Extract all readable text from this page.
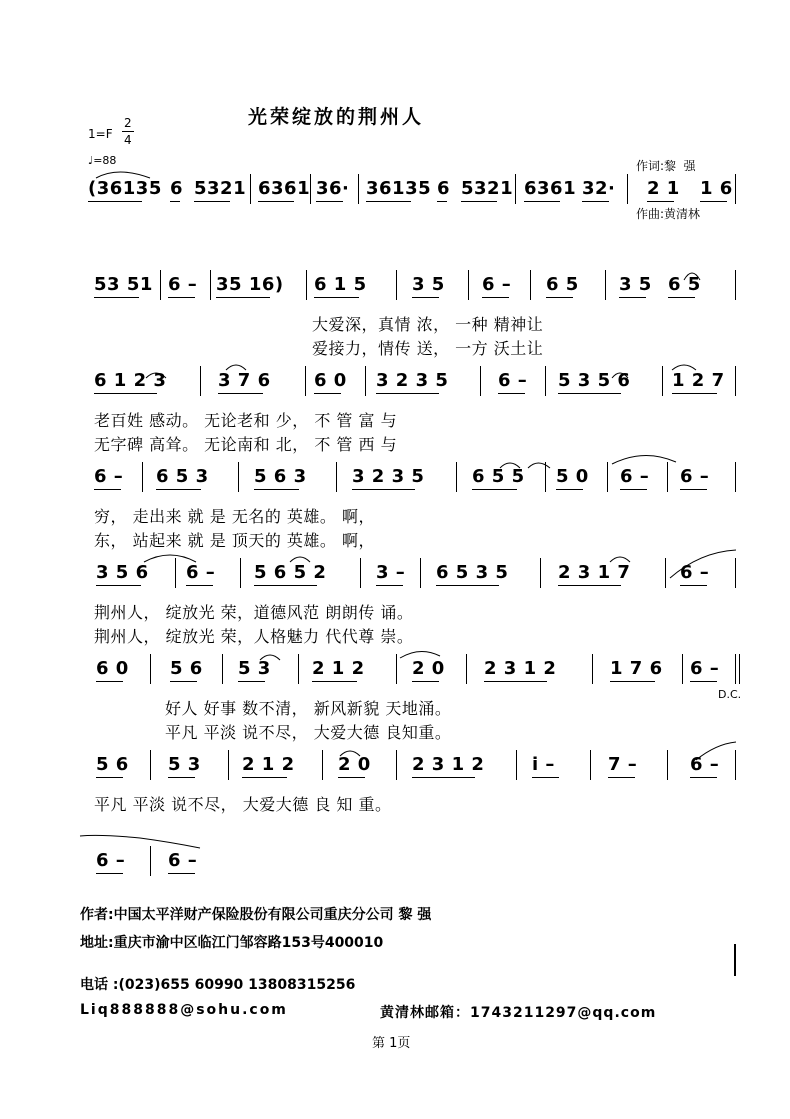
光荣绽放的荆州人
1=F
2
4
♩=88

	作词:黎  强

作曲:黄清林

(36135 6 5321 6361 36· 36135 6 5321 6361 32· 2 1 1 6
53 51 6 – 35 16) 6 1 5	3 5 6 – 6 5 3 5 6 5
大爱深，真情 浓， 一种 精神让
爱接力，情传 送， 一方 沃土让
6 1 2 3	3 7 6 6 0 3 2 3 5	6 – 5 3 5 6 1 2 7
老百姓 感动。 无论老和 少， 不 管 富 与
无字碑 高耸。 无论南和 北， 不 管 西 与
6 – 6 5 3	5 6 3	3 2 3 5	6 5 5 5 0 6 – 6 –
穷， 走出来 就 是 无名的 英雄。 啊，
东， 站起来 就 是 顶天的 英雄。 啊，
3 5 6 6 – 5 6 5 2	3 – 6 5 3 5	2 3 1 7	6 –
荆州人， 绽放光 荣，道德风范 朗朗传 诵。
荆州人， 绽放光 荣，人格魅力 代代尊 崇。
6 0 5 6 5 3 2 1 2	2 0 2 3 1 2	1 7 6 6 –
D.C.
好人 好事 数不清， 新风新貌 天地涌。
平凡 平淡 说不尽， 大爱大德 良知重。
5 6 5 3 2 1 2 2 0 2 3 1 2	i –	7 –	6 –
平凡 平淡 说不尽， 大爱大德 良 知 重。
6 – 6 –
作者:中国太平洋财产保险股份有限公司重庆分公司 黎 强
地址:重庆市渝中区临江门邹容路153号400010
电话 :(023)655 60990 13808315256
Liq888888@sohu.com	黄清林邮箱：1743211297@qq.com
第 1页
